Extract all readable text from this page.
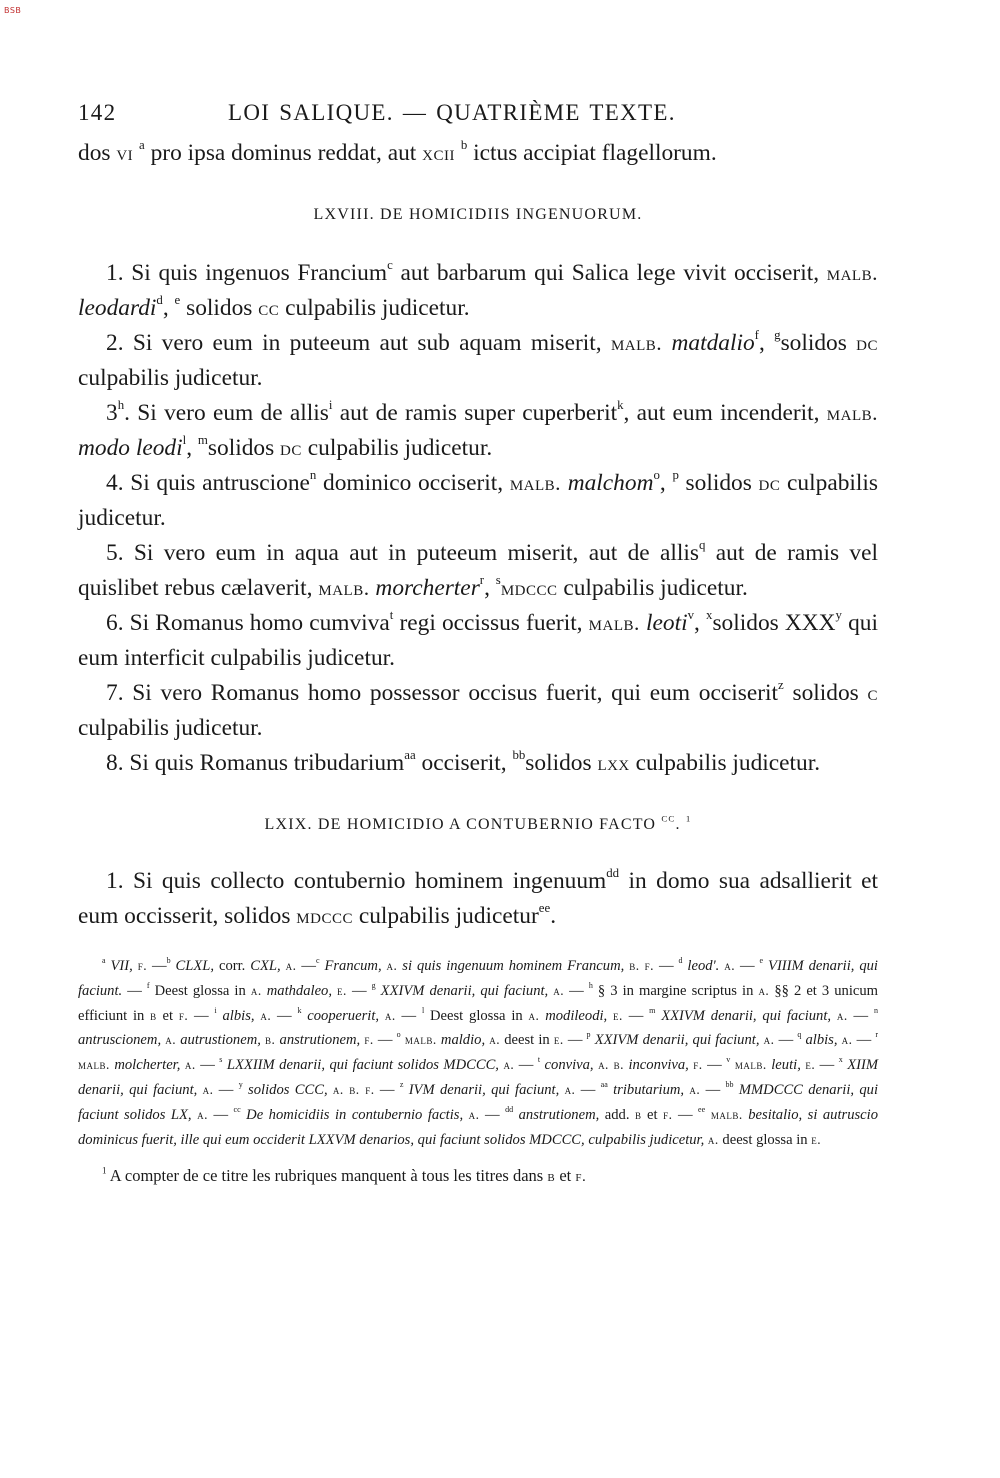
BSB
142	LOI SALIQUE. — QUATRIÈME TEXTE.

dos vi $^a$ pro ipsa dominus reddat, aut xcii $^b$ ictus accipiat flagellorum.

LXVIII. DE HOMICIDIIS INGENUORUM.

1. Si quis ingenuos Francium$^c$ aut barbarum qui Salica lege vivit occiserit, malb. leodardi$^d$, $^e$ solidos cc culpabilis judicetur.

2. Si vero eum in puteeum aut sub aquam miserit, malb. matdalio$^f$, $^g$solidos dc culpabilis judicetur.

3$^h$. Si vero eum de allis$^i$ aut de ramis super cuperberit$^k$, aut eum incenderit, malb. modo leodi$^l$, $^m$solidos dc culpabilis judicetur.

4. Si quis antruscione$^n$ dominico occiserit, malb. malchom$^o$, $^p$ solidos dc culpabilis judicetur.

5. Si vero eum in aqua aut in puteeum miserit, aut de allis$^q$ aut de ramis vel quislibet rebus cælaverit, malb. morcherter$^r$, $^s$mdccc culpabilis judicetur.

6. Si Romanus homo cumviva$^t$ regi occissus fuerit, malb. leoti$^v$, $^x$solidos XXX$^y$ qui eum interficit culpabilis judicetur.

7. Si vero Romanus homo possessor occisus fuerit, qui eum occiserit$^z$ solidos c culpabilis judicetur.

8. Si quis Romanus tribudarium$^{aa}$ occiserit, $^{bb}$solidos lxx culpabilis judicetur.

LXIX. DE HOMICIDIO A CONTUBERNIO FACTO $^{CC}$. $^1$

1. Si quis collecto contubernio hominem ingenuum$^{dd}$ in domo sua adsallierit et eum occisserit, solidos mdccc culpabilis judicetur$^{ee}$.

$^a$ VII, f. —$^b$ CLXL, corr. CXL, a. —$^c$ Francum, a. si quis ingenuum hominem Francum, b. f. — $^d$ leod'. a. — $^e$ VIIIM denarii, qui faciunt. — $^f$ Deest glossa in a. mathdaleo, e. — $^g$ XXIVM denarii, qui faciunt, a. — $^h$ § 3 in margine scriptus in a. §§ 2 et 3 unicum efficiunt in b et f. — $^i$ albis, a. — $^k$ cooperuerit, a. — $^l$ Deest glossa in a. modileodi, e. — $^m$ XXIVM denarii, qui faciunt, a. — $^n$ antruscionem, a. autrustionem, b. anstrutionem, f. — $^o$ malb. maldio, a. deest in e. — $^p$ XXIVM denarii, qui faciunt, a. — $^q$ albis, a. — $^r$ malb. molcherter, a. — $^s$ LXXIIM denarii, qui faciunt solidos MDCCC, a. — $^t$ conviva, a. b. inconviva, f. — $^v$ malb. leuti, e. — $^x$ XIIM denarii, qui faciunt, a. — $^y$ solidos CCC, a. b. f. — $^z$ IVM denarii, qui faciunt, a. — $^{aa}$ tributarium, a. — $^{bb}$ MMDCCC denarii, qui faciunt solidos LX, a. — $^{cc}$ De homicidiis in contubernio factis, a. — $^{dd}$ anstrutionem, add. b et f. — $^{ee}$ malb. besitalio, si autruscio dominicus fuerit, ille qui eum occiderit LXXVM denarios, qui faciunt solidos MDCCC, culpabilis judicetur, a. deest glossa in e.
$^1$ A compter de ce titre les rubriques manquent à tous les titres dans b et f.
